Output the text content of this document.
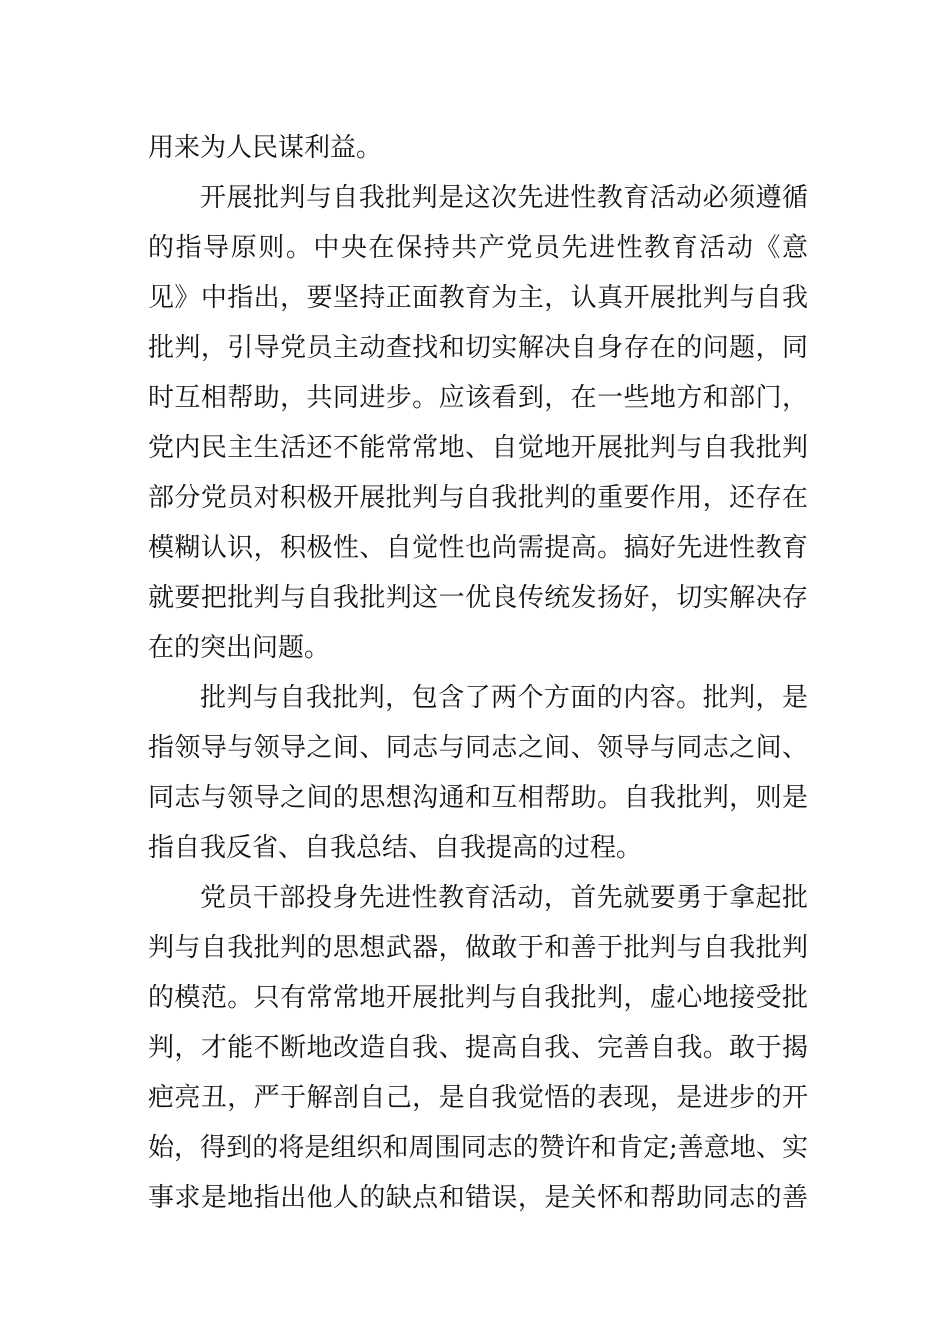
用来为人民谋利益。
开展批判与自我批判是这次先进性教育活动必须遵循
的指导原则。中央在保持共产党员先进性教育活动《意
见》中指出，要坚持正面教育为主，认真开展批判与自我
批判，引导党员主动查找和切实解决自身存在的问题，同
时互相帮助，共同进步。应该看到，在一些地方和部门，
党内民主生活还不能常常地、自觉地开展批判与自我批判
部分党员对积极开展批判与自我批判的重要作用，还存在
模糊认识，积极性、自觉性也尚需提高。搞好先进性教育
就要把批判与自我批判这一优良传统发扬好，切实解决存
在的突出问题。
批判与自我批判，包含了两个方面的内容。批判，是
指领导与领导之间、同志与同志之间、领导与同志之间、
同志与领导之间的思想沟通和互相帮助。自我批判，则是
指自我反省、自我总结、自我提高的过程。
党员干部投身先进性教育活动，首先就要勇于拿起批
判与自我批判的思想武器，做敢于和善于批判与自我批判
的模范。只有常常地开展批判与自我批判，虚心地接受批
判，才能不断地改造自我、提高自我、完善自我。敢于揭
疤亮丑，严于解剖自己，是自我觉悟的表现，是进步的开
始，得到的将是组织和周围同志的赞许和肯定;善意地、实
事求是地指出他人的缺点和错误，是关怀和帮助同志的善
